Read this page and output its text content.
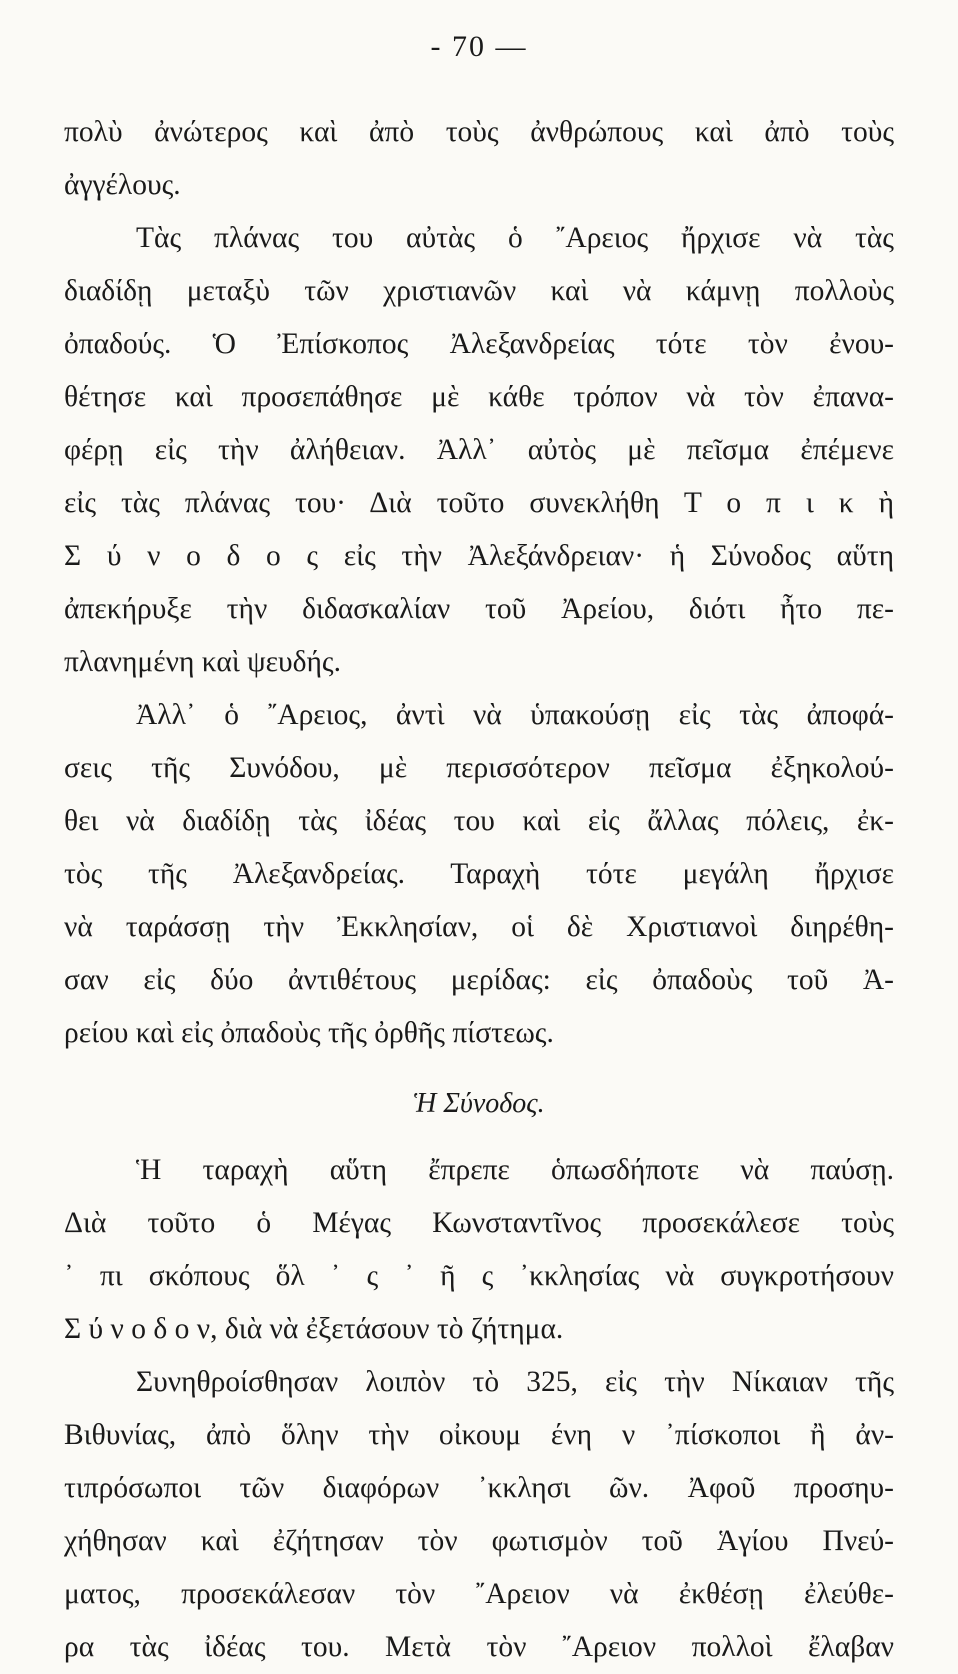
- 70 —
πολὺ ἀνώτερος καὶ ἀπὸ τοὺς ἀνθρώπους καὶ ἀπὸ τοὺς
ἀγγέλους.
Τὰς πλάνας του αὐτὰς ὁ ῎Αρειος ἤρχισε νὰ τὰς
διαδίδῃ μεταξὺ τῶν χριστιανῶν καὶ νὰ κάμνῃ πολλοὺς
ὀπαδούς. Ὁ Ἐπίσκοπος Ἀλεξανδρείας τότε τὸν ἐνου-
θέτησε καὶ προσεπάθησε μὲ κάθε τρόπον νὰ τὸν ἐπανα-
φέρῃ εἰς τὴν ἀλήθειαν. Ἀλλ᾽ αὐτὸς μὲ πεῖσμα ἐπέμενε
εἰς τὰς πλάνας του· Διὰ τοῦτο συνεκλήθη Τ ο π ι κ ὴ
Σ ύ ν ο δ ο ς εἰς τὴν Ἀλεξάνδρειαν· ἡ Σύνοδος αὕτη
ἀπεκήρυξε τὴν διδασκαλίαν τοῦ Ἀρείου, διότι ἦτο πε-
πλανημένη καὶ ψευδής.
Ἀλλ᾽ ὁ ῎Αρειος, ἀντὶ νὰ ὑπακούσῃ εἰς τὰς ἀποφά-
σεις τῆς Συνόδου, μὲ περισσότερον πεῖσμα ἐξηκολού-
θει νὰ διαδίδῃ τὰς ἰδέας του καὶ εἰς ἄλλας πόλεις, ἐκ-
τὸς τῆς Ἀλεξανδρείας. Ταραχὴ τότε μεγάλη ἤρχισε
νὰ ταράσσῃ τὴν Ἐκκλησίαν, οἱ δὲ Χριστιανοὶ διηρέθη-
σαν εἰς δύο ἀντιθέτους μερίδας: εἰς ὀπαδοὺς τοῦ Ἀ-
ρείου καὶ εἰς ὀπαδοὺς τῆς ὀρθῆς πίστεως.
Ἡ Σύνοδος.
Ἡ ταραχὴ αὕτη ἔπρεπε ὁπωσδήποτε νὰ παύσῃ.
Διὰ τοῦτο ὁ Μέγας Κωνσταντῖνος προσεκάλεσε τοὺς
᾽ πι σκόπους ὅλ ᾿ ς ᾿ ῆ ς ᾽κκλησίας νὰ συγκροτήσουν
Σ ύ ν ο δ ο ν, διὰ νὰ ἐξετάσουν τὸ ζήτημα.
Συνηθροίσθησαν λοιπὸν τὸ 325, εἰς τὴν Νίκαιαν τῆς
Βιθυνίας, ἀπὸ ὅλην τὴν οἰκουμ ένη ν ᾽πίσκοποι ἢ ἀν-
τιπρόσωποι τῶν διαφόρων ᾽κκλησι ῶν. Ἀφοῦ προσηυ-
χήθησαν καὶ ἐζήτησαν τὸν φωτισμὸν τοῦ Ἁγίου Πνεύ-
ματος, προσεκάλεσαν τὸν ῎Αρειον νὰ ἐκθέσῃ ἐλεύθε-
ρα τὰς ἰδέας του. Μετὰ τὸν ῎Αρειον πολλοὶ ἔλαβαν
